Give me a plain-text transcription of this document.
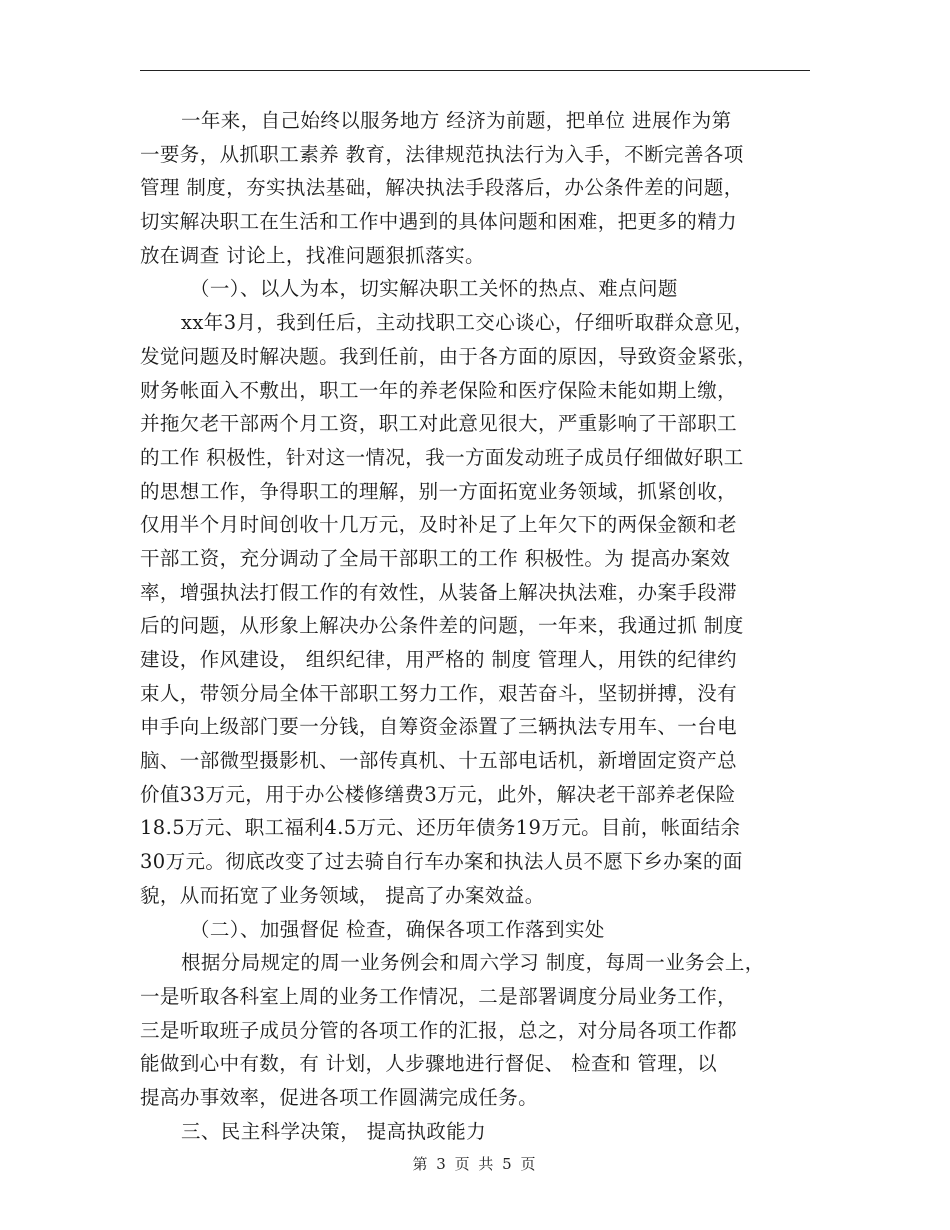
一年来，自己始终以服务地方 经济为前题，把单位 进展作为第
一要务，从抓职工素养 教育，法律规范执法行为入手，不断完善各项
管理 制度，夯实执法基础，解决执法手段落后，办公条件差的问题，
切实解决职工在生活和工作中遇到的具体问题和困难，把更多的精力
放在调查 讨论上，找准问题狠抓落实。
（一）、以人为本，切实解决职工关怀的热点、难点问题
xx年3月，我到任后，主动找职工交心谈心，仔细听取群众意见，
发觉问题及时解决题。我到任前，由于各方面的原因，导致资金紧张，
财务帐面入不敷出，职工一年的养老保险和医疗保险未能如期上缴，
并拖欠老干部两个月工资，职工对此意见很大，严重影响了干部职工
的工作 积极性，针对这一情况，我一方面发动班子成员仔细做好职工
的思想工作，争得职工的理解，别一方面拓宽业务领域，抓紧创收，
仅用半个月时间创收十几万元，及时补足了上年欠下的两保金额和老
干部工资，充分调动了全局干部职工的工作 积极性。为 提高办案效
率，增强执法打假工作的有效性，从装备上解决执法难，办案手段滞
后的问题，从形象上解决办公条件差的问题，一年来，我通过抓 制度
建设，作风建设， 组织纪律，用严格的 制度 管理人，用铁的纪律约
束人，带领分局全体干部职工努力工作，艰苦奋斗，坚韧拼搏，没有
申手向上级部门要一分钱，自筹资金添置了三辆执法专用车、一台电
脑、一部微型摄影机、一部传真机、十五部电话机，新增固定资产总
价值33万元，用于办公楼修缮费3万元，此外，解决老干部养老保险
18.5万元、职工福利4.5万元、还历年债务19万元。目前，帐面结余
30万元。彻底改变了过去骑自行车办案和执法人员不愿下乡办案的面
貌，从而拓宽了业务领域， 提高了办案效益。
（二）、加强督促 检查，确保各项工作落到实处
根据分局规定的周一业务例会和周六学习 制度，每周一业务会上，
一是听取各科室上周的业务工作情况，二是部署调度分局业务工作，
三是听取班子成员分管的各项工作的汇报，总之，对分局各项工作都
能做到心中有数，有 计划，人步骤地进行督促、 检查和 管理，以
提高办事效率，促进各项工作圆满完成任务。
三、民主科学决策， 提高执政能力
第 3 页 共 5 页
